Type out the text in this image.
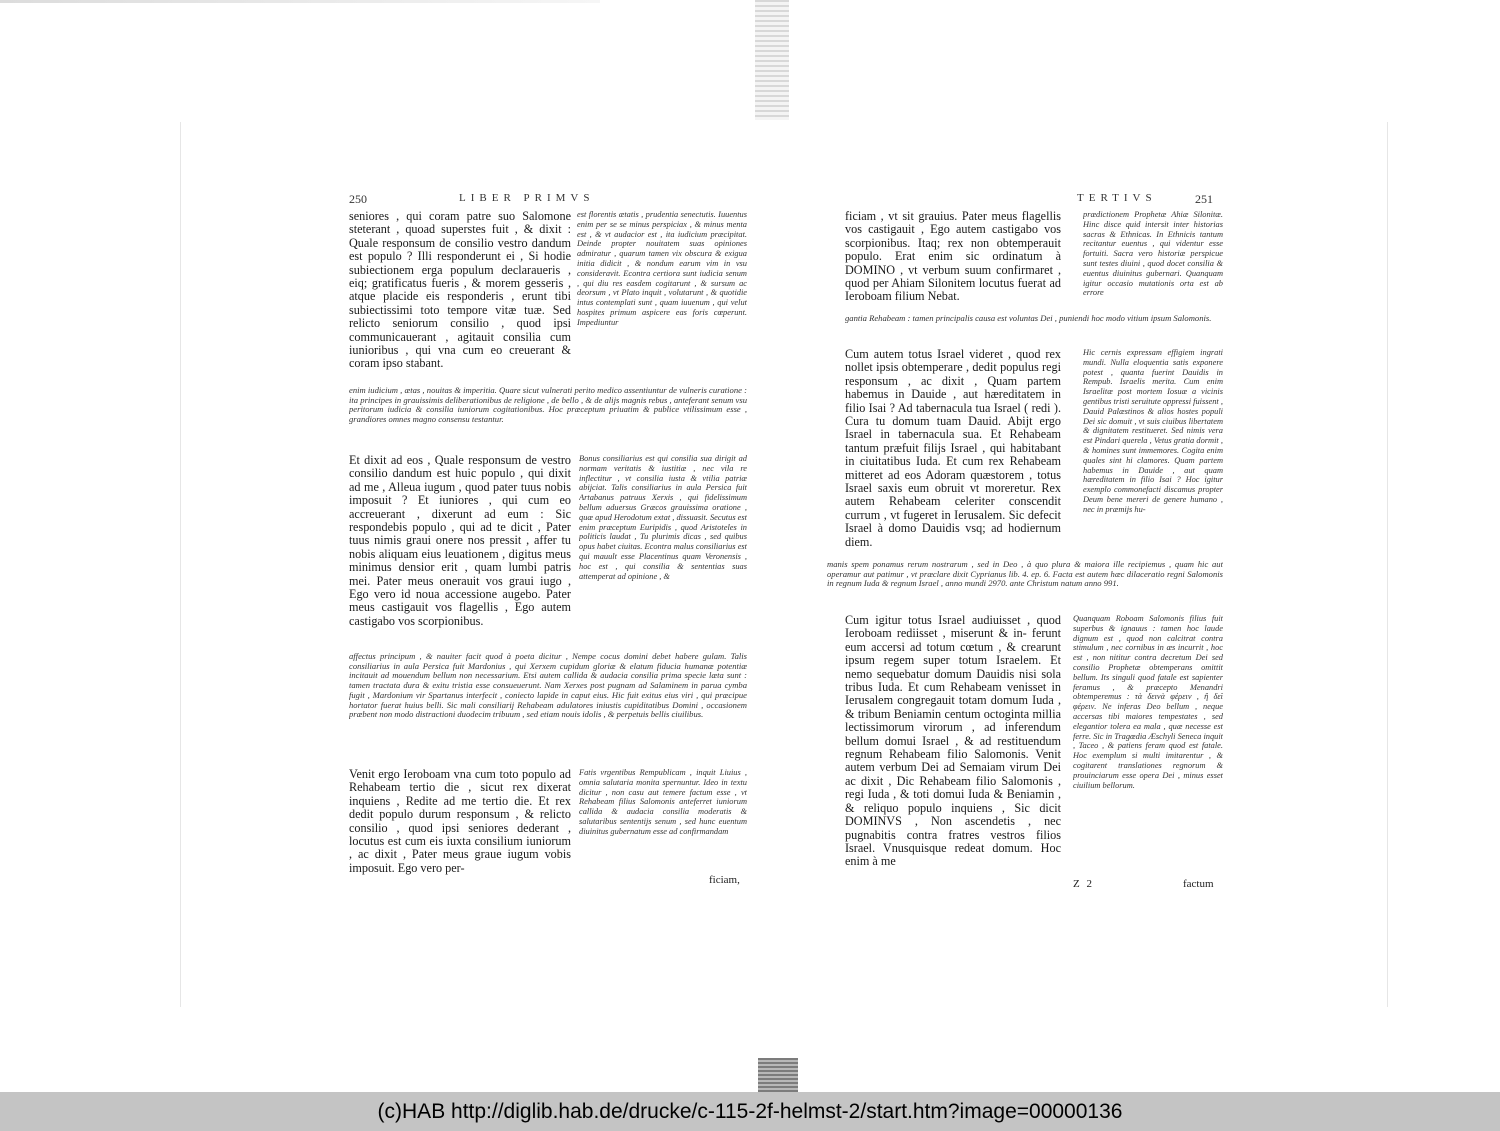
250	LIBER PRIMVS

seniores , qui coram patre suo Salomone steterant , quoad superstes fuit , & dixit : Quale responsum de consilio vestro dandum est populo ? Illi responderunt ei , Si hodie subiectionem erga populum declaraueris , eiq; gratificatus fueris , & morem gesseris , atque placide eis responderis , erunt tibi subiectissimi toto tempore vitæ tuæ. Sed relicto seniorum consilio , quod ipsi communicauerant , agitauit consilia cum iunioribus , qui vna cum eo creuerant & coram ipso stabant.

est florentis ætatis , prudentia senectutis. Iuuentus enim per se se minus perspiciax , & minus menta est , & vt audacior est , ita iudicium præcipitat. Deinde propter nouitatem suas opiniones admiratur , quarum tamen vix obscura & exigua initia didicit , & nondum earum vim in vsu consideravit. Econtra certiora sunt iudicia senum , qui diu res easdem cogitarunt , & sursum ac deorsum , vt Plato inquit , volutarunt , & quotidie intus contemplati sunt , quam iuuenum , qui velut hospites primum aspicere eas foris cœperunt. Impediuntur

enim iudicium , ætas , nouitas & imperitia. Quare sicut vulnerati perito medico assentiuntur de vulneris curatione : ita principes in grauissimis deliberationibus de religione , de bello , & de alijs magnis rebus , anteferant senum vsu peritorum iudicia & consilia iuniorum cogitationibus. Hoc præceptum priuatim & publice vtilissimum esse , grandiores omnes magno consensu testantur.

Et dixit ad eos , Quale responsum de vestro consilio dandum est huic populo , qui dixit ad me , Alleua iugum , quod pater tuus nobis imposuit ? Et iuniores , qui cum eo accreuerant , dixerunt ad eum : Sic respondebis populo , qui ad te dicit , Pater tuus nimis graui onere nos pressit , affer tu nobis aliquam eius leuationem , digitus meus minimus densior erit , quam lumbi patris mei. Pater meus onerauit vos graui iugo , Ego vero id noua accessione augebo. Pater meus castigauit vos flagellis , Ego autem castigabo vos scorpionibus.

Bonus consiliarius est qui consilia sua dirigit ad normam veritatis & iustitiæ , nec vila re inflectitur , vt consilia iusta & vtilia patriæ abijciat. Talis consiliarius in aula Persica fuit Artabanus patruus Xerxis , qui fidelissimum bellum aduersus Græcos grauissima oratione , quæ apud Herodotum extat , dissuasit. Secutus est enim præceptum Euripidis , quod Aristoteles in politicis laudat , Tu plurimis dicas , sed quibus opus habet ciuitas. Econtra malus consiliarius est qui mauult esse Placentinus quam Veronensis , hoc est , qui consilia & sententias suas attemperat ad opinione , &

affectus principum , & nauiter facit quod à poeta dicitur , Nempe cocus domini debet habere gulam. Talis consiliarius in aula Persica fuit Mardonius , qui Xerxem cupidum gloriæ & elatum fiducia humanæ potentiæ incitauit ad mouendum bellum non necessarium. Etsi autem callida & audacia consilia prima specie læta sunt : tamen tractata dura & exitu tristia esse consueuerunt. Nam Xerxes post pugnam ad Salaminem in parua cymba fugit , Mardonium vir Spartanus interfecit , coniecto lapide in caput eius. Hic fuit exitus eius viri , qui præcipue hortator fuerat huius belli. Sic mali consiliarij Rehabeam adulatores iniustis cupiditatibus Domini , occasionem præbent non modo distractioni duodecim tribuum , sed etiam nouis idolis , & perpetuis bellis ciuilibus.

Venit ergo Ieroboam vna cum toto populo ad Rehabeam tertio die , sicut rex dixerat inquiens , Redite ad me tertio die. Et rex dedit populo durum responsum , & relicto consilio , quod ipsi seniores dederant , locutus est cum eis iuxta consilium iuniorum , ac dixit , Pater meus graue iugum vobis imposuit. Ego vero per-

Fatis vrgentibus Rempublicam , inquit Liuius , omnia salutaria monita spernuntur. Ideo in textu dicitur , non casu aut temere factum esse , vt Rehabeam filius Salomonis anteferret iuniorum callida & audacia consilia moderatis & salutaribus sententijs senum , sed hunc euentum diuinitus gubernatum esse ad confirmandam

ficiam,
TERTIVS	251

ficiam , vt sit grauius. Pater meus flagellis vos castigauit , Ego autem castigabo vos scorpionibus. Itaq; rex non obtemperauit populo. Erat enim sic ordinatum à DOMINO , vt verbum suum confirmaret , quod per Ahiam Silonitem locutus fuerat ad Ieroboam filium Nebat.

prædictionem Prophetæ Ahiæ Silonitæ. Hinc disce quid intersit inter historias sacras & Ethnicas. In Ethnicis tantum recitantur euentus , qui videntur esse fortuiti. Sacra vero historiæ perspicue sunt testes diuini , quod docet consilia & euentus diuinitus gubernari. Quanquam igitur occasio mutationis orta est ab errore

gantia Rehabeam : tamen principalis causa est voluntas Dei , puniendi hoc modo vitium ipsum Salomonis.

Cum autem totus Israel videret , quod rex nollet ipsis obtemperare , dedit populus regi responsum , ac dixit , Quam partem habemus in Dauide , aut hæreditatem in filio Isai ? Ad tabernacula tua Israel ( redi ). Cura tu domum tuam Dauid. Abijt ergo Israel in tabernacula sua. Et Rehabeam tantum præfuit filijs Israel , qui habitabant in ciuitatibus Iuda. Et cum rex Rehabeam mitteret ad eos Adoram quæstorem , totus Israel saxis eum obruit vt moreretur. Rex autem Rehabeam celeriter conscendit currum , vt fugeret in Ierusalem. Sic defecit Israel à domo Dauidis vsq; ad hodiernum diem.

Hic cernis expressam effigiem ingrati mundi. Nulla eloquentia satis exponere potest , quanta fuerint Dauidis in Rempub. Israelis merita. Cum enim Israelitæ post mortem Iosuæ a vicinis gentibus tristi seruitute oppressi fuissent , Dauid Palæstinos & alios hostes populi Dei sic domuit , vt suis ciuibus libertatem & dignitatem restitueret. Sed nimis vera est Pindari querela , Vetus gratia dormit , & homines sunt immemores. Cogita enim quales sint hi clamores. Quam partem habemus in Dauide , aut quam hæreditatem in filio Isai ? Hoc igitur exemplo commonefacti discamus propter Deum bene mereri de genere humano , nec in præmijs hu-

manis spem ponamus rerum nostrarum , sed in Deo , à quo plura & maiora ille recipiemus , quam hic aut operamur aut patimur , vt præclare dixit Cyprianus lib. 4. ep. 6. Facta est autem hæc dilaceratio regni Salomonis in regnum Iuda & regnum Israel , anno mundi 2970. ante Christum natum anno 991.

Cum igitur totus Israel audiuisset , quod Ieroboam rediisset , miserunt & in- ferunt eum accersi ad totum cœtum , & crearunt ipsum regem super totum Israelem. Et nemo sequebatur domum Dauidis nisi sola tribus Iuda. Et cum Rehabeam venisset in Ierusalem congregauit totam domum Iuda , & tribum Beniamin centum octoginta millia lectissimorum virorum , ad inferendum bellum domui Israel , & ad restituendum regnum Rehabeam filio Salomonis. Venit autem verbum Dei ad Semaiam virum Dei ac dixit , Dic Rehabeam filio Salomonis , regi Iuda , & toti domui Iuda & Beniamin , & reliquo populo inquiens , Sic dicit DOMINVS , Non ascendetis , nec pugnabitis contra fratres vestros filios Israel. Vnusquisque redeat domum. Hoc enim à me

Quanquam Roboam Salomonis filius fuit superbus & ignauus : tamen hoc laude dignum est , quod non calcitrat contra stimulum , nec cornibus in æs incurrit , hoc est , non nititur contra decretum Dei sed consilio Prophetæ obtemperans omittit bellum. Its singuli quod fatale est sapienter feramus , & præcepto Menandri obtemperemus : τὰ δεινὰ φέρειν , ἢ δεῖ φέρειν. Ne inferas Deo bellum , neque accersas tibi maiores tempestates , sed elegantior tolera ea mala , quæ necesse est ferre. Sic in Tragœdia Æschyli Seneca inquit , Taceo , & patiens feram quod est fatale. Hoc exemplum si multi imitarentur , & cogitarent translationes regnorum & prouinciarum esse opera Dei , minus esset ciuilium bellorum.

Z 2	factum
(c)HAB http://diglib.hab.de/drucke/c-115-2f-helmst-2/start.htm?image=00000136
